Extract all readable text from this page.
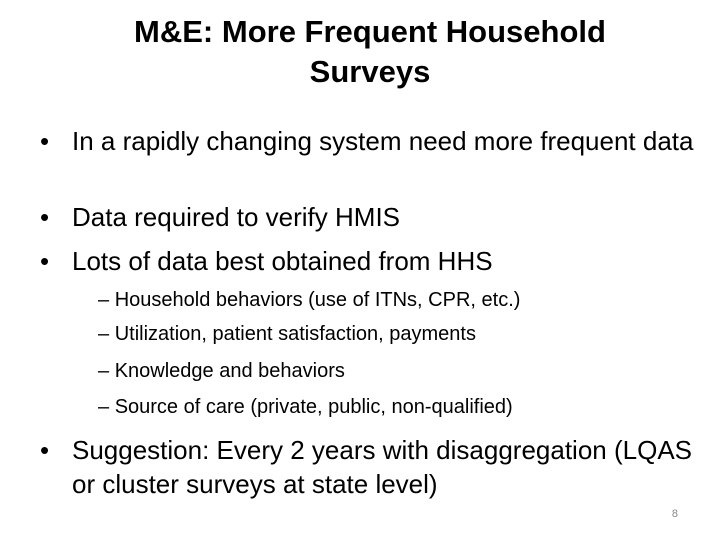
M&E: More Frequent Household
Surveys
• In a rapidly changing system need more frequent data
• Data required to verify HMIS
• Lots of data best obtained from HHS
– Household behaviors (use of ITNs, CPR, etc.)
– Utilization, patient satisfaction, payments
– Knowledge and behaviors
– Source of care (private, public, non-qualified)
• Suggestion: Every 2 years with disaggregation (LQAS or cluster surveys at state level)
8
